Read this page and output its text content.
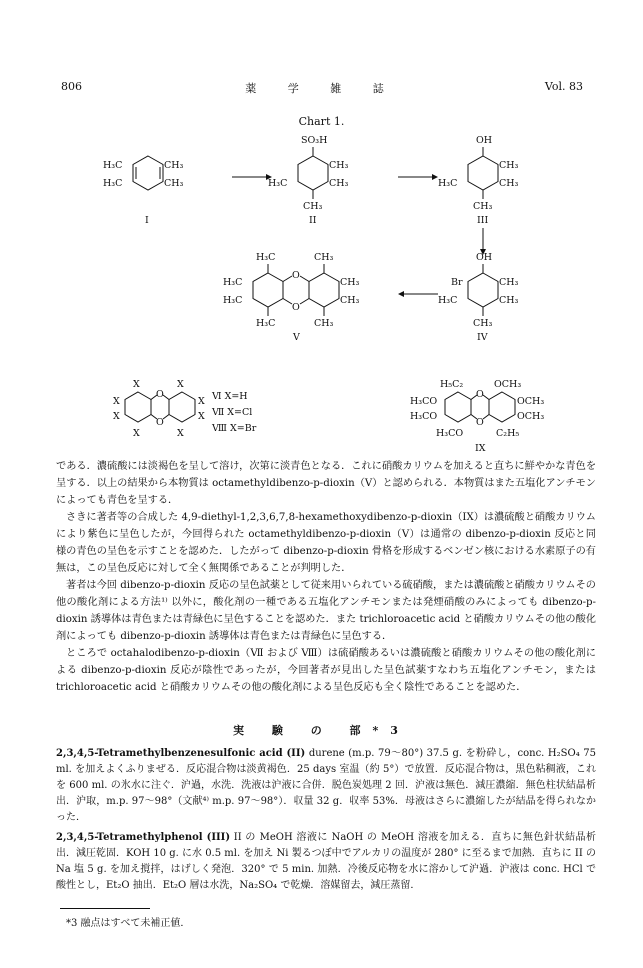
806	薬 学 雑 誌	Vol. 83
Chart 1.
H₃C
H₃C
CH₃
CH₃
I
SO₃H
H₃C
CH₃
CH₃
CH₃
II
OH
H₃C
CH₃
CH₃
CH₃
III
OH
Br
H₃C
CH₃
CH₃
CH₃
IV
O
O
H₃C	CH₃
H₃C	CH₃
H₃C
H₃C
CH₃
CH₃
V
O
O
X	X
X	X
X
X
X
X
Ⅵ X=H
Ⅶ X=Cl
Ⅷ X=Br
O
O
H₅C₂	OCH₃
H₃CO	C₂H₅
H₃CO
H₃CO
OCH₃
OCH₃
IX

である．濃硫酸には淡褐色を呈して溶け，次第に淡青色となる．これに硝酸カリウムを加えると直ちに鮮やかな青色を呈する．以上の結果から本物質は octamethyldibenzo-p-dioxin（V）と認められる．本物質はまた五塩化アンチモンによっても青色を呈する．

さきに著者等の合成した 4,9-diethyl-1,2,3,6,7,8-hexamethoxydibenzo-p-dioxin（IX）は濃硫酸と硝酸カリウムにより紫色に呈色したが，今回得られた octamethyldibenzo-p-dioxin（V）は通常の dibenzo-p-dioxin 反応と同様の青色の呈色を示すことを認めた．したがって dibenzo-p-dioxin 骨格を形成するベンゼン核における水素原子の有無は，この呈色反応に対して全く無関係であることが判明した．

著者は今回 dibenzo-p-dioxin 反応の呈色試薬として従来用いられている硫硝酸，または濃硫酸と硝酸カリウムその他の酸化剤による方法¹⁾ 以外に，酸化剤の一種である五塩化アンチモンまたは発煙硝酸のみによっても dibenzo-p-dioxin 誘導体は青色または青緑色に呈色することを認めた．また trichloroacetic acid と硝酸カリウムその他の酸化剤によっても dibenzo-p-dioxin 誘導体は青色または青緑色に呈色する．

ところで octahalodibenzo-p-dioxin（Ⅶ および Ⅷ）は硫硝酸あるいは濃硫酸と硝酸カリウムその他の酸化剤による dibenzo-p-dioxin 反応が陰性であったが，今回著者が見出した呈色試薬すなわち五塩化アンチモン，または trichloroacetic acid と硝酸カリウムその他の酸化剤による呈色反応も全く陰性であることを認めた．

実 験 の 部*3

2,3,4,5-Tetramethylbenzenesulfonic acid (II) durene (m.p. 79～80°) 37.5 g. を粉砕し，conc. H₂SO₄ 75 ml. を加えよくふりまぜる．反応混合物は淡黄褐色．25 days 室温（約 5°）で放置．反応混合物は，黒色粘稠液，これを 600 ml. の氷水に注ぐ．沪過，水洗．洗液は沪液に合併．脱色炭処理 2 回．沪液は無色．減圧濃縮．無色柱状結晶析出．沪取，m.p. 97～98°（文献⁴⁾ m.p. 97～98°）．収量 32 g．収率 53%．母液はさらに濃縮したが結晶を得られなかった．

2,3,4,5-Tetramethylphenol (III) II の MeOH 溶液に NaOH の MeOH 溶液を加える．直ちに無色針状結晶析出．減圧乾固．KOH 10 g. に水 0.5 ml. を加え Ni 製るつぼ中でアルカリの温度が 280° に至るまで加熱．直ちに II の Na 塩 5 g. を加え撹拌，はげしく発泡．320° で 5 min. 加熱．冷後反応物を水に溶かして沪過．沪液は conc. HCl で酸性とし，Et₂O 抽出．Et₂O 層は水洗，Na₂SO₄ で乾燥．溶媒留去，減圧蒸留．

*3 融点はすべて未補正値．
